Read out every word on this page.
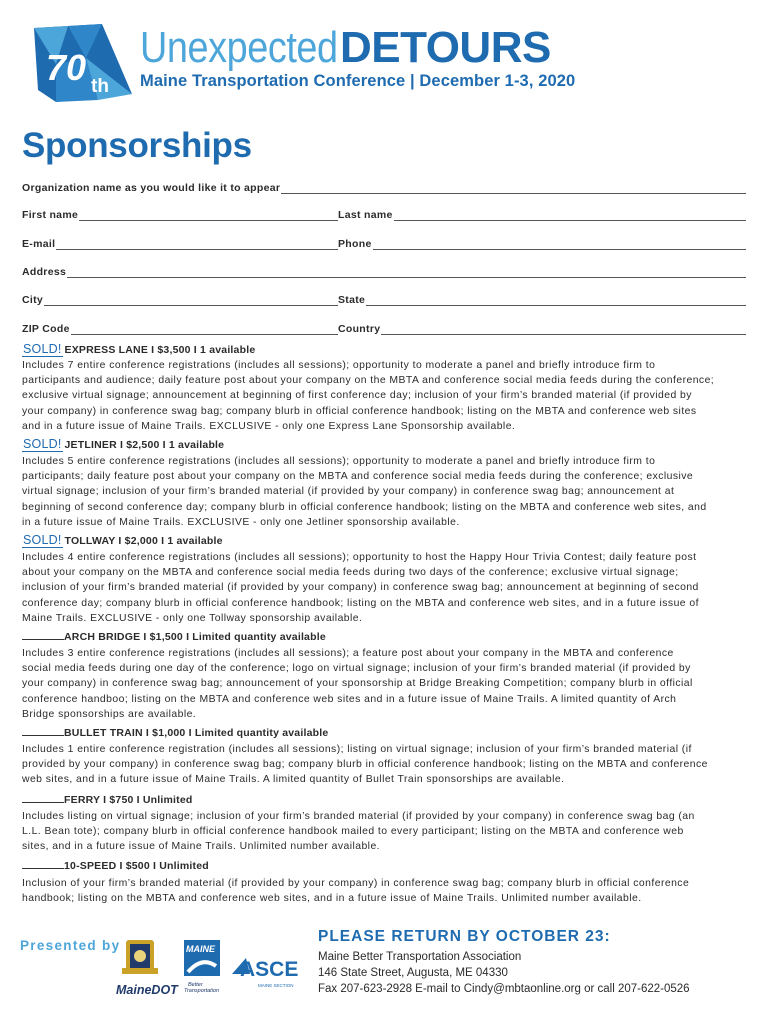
70 th
Unexpected DETOURS
Maine Transportation Conference | December 1-3, 2020
Sponsorships
Organization name as you would like it to appear
First name	Last name
E-mail	Phone
Address
City	State
ZIP Code	Country
SOLD! EXPRESS LANE I $3,500 I 1 available
Includes 7 entire conference registrations (includes all sessions); opportunity to moderate a panel and briefly introduce firm to
participants and audience; daily feature post about your company on the MBTA and conference social media feeds during the conference;
exclusive virtual signage; announcement at beginning of first conference day; inclusion of your firm’s branded material (if provided by
your company) in conference swag bag; company blurb in official conference handbook; listing on the MBTA and conference web sites
and in a future issue of Maine Trails. EXCLUSIVE - only one Express Lane Sponsorship available.
SOLD! JETLINER I $2,500 I 1 available
Includes 5 entire conference registrations (includes all sessions); opportunity to moderate a panel and briefly introduce firm to
participants; daily feature post about your company on the MBTA and conference social media feeds during the conference; exclusive
virtual signage; inclusion of your firm’s branded material (if provided by your company) in conference swag bag; announcement at
beginning of second conference day; company blurb in official conference handbook; listing on the MBTA and conference web sites, and
in a future issue of Maine Trails. EXCLUSIVE - only one Jetliner sponsorship available.
SOLD! TOLLWAY I $2,000 I 1 available
Includes 4 entire conference registrations (includes all sessions); opportunity to host the Happy Hour Trivia Contest; daily feature post
about your company on the MBTA and conference social media feeds during two days of the conference; exclusive virtual signage;
inclusion of your firm’s branded material (if provided by your company) in conference swag bag; announcement at beginning of second
conference day; company blurb in official conference handbook; listing on the MBTA and conference web sites, and in a future issue of
Maine Trails. EXCLUSIVE - only one Tollway sponsorship available.
ARCH BRIDGE I $1,500 I Limited quantity available
Includes 3 entire conference registrations (includes all sessions); a feature post about your company in the MBTA and conference
social media feeds during one day of the conference; logo on virtual signage; inclusion of your firm’s branded material (if provided by
your company) in conference swag bag; announcement of your sponsorship at Bridge Breaking Competition; company blurb in official
conference handboo; listing on the MBTA and conference web sites and in a future issue of Maine Trails. A limited quantity of Arch
Bridge sponsorships are available.
BULLET TRAIN I $1,000 I Limited quantity available
Includes 1 entire conference registration (includes all sessions); listing on virtual signage; inclusion of your firm’s branded material (if
provided by your company) in conference swag bag; company blurb in official conference handbook; listing on the MBTA and conference
web sites, and in a future issue of Maine Trails. A limited quantity of Bullet Train sponsorships are available.
FERRY I $750 I Unlimited
Includes listing on virtual signage; inclusion of your firm’s branded material (if provided by your company) in conference swag bag (an
L.L. Bean tote); company blurb in official conference handbook mailed to every participant; listing on the MBTA and conference web
sites, and in a future issue of Maine Trails. Unlimited number available.
10-SPEED I $500 I Unlimited
Inclusion of your firm’s branded material (if provided by your company) in conference swag bag; company blurb in official conference
handbook; listing on the MBTA and conference web sites, and in a future issue of Maine Trails. Unlimited number available.
Presented by
MaineDOT
MAINE
Better
Transportation
ASCE
MAINE SECTION
PLEASE RETURN BY OCTOBER 23:
Maine Better Transportation Association
146 State Street, Augusta, ME 04330
Fax 207-623-2928 E-mail to Cindy@mbtaonline.org or call 207-622-0526
